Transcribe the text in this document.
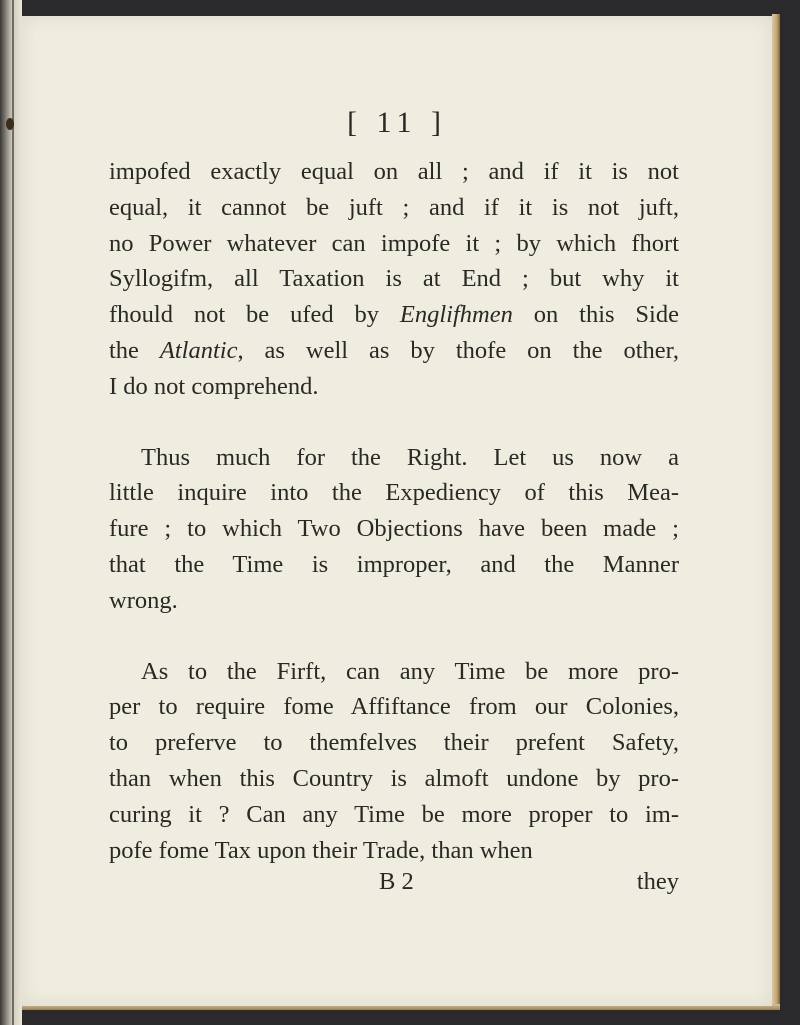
[ 11 ]
impofed exactly equal on all ; and if it is not
equal, it cannot be juft ; and if it is not juft,
no Power whatever can impofe it ; by which fhort
Syllogifm, all Taxation is at End ; but why it
fhould not be ufed by Englifhmen on this Side
the Atlantic, as well as by thofe on the other,
I do not comprehend.
Thus much for the Right. Let us now a
little inquire into the Expediency of this Mea-
fure ; to which Two Objections have been made ;
that the Time is improper, and the Manner
wrong.
As to the Firft, can any Time be more pro-
per to require fome Affiftance from our Colonies,
to preferve to themfelves their prefent Safety,
than when this Country is almoft undone by pro-
curing it ? Can any Time be more proper to im-
pofe fome Tax upon their Trade, than when
B 2	they
